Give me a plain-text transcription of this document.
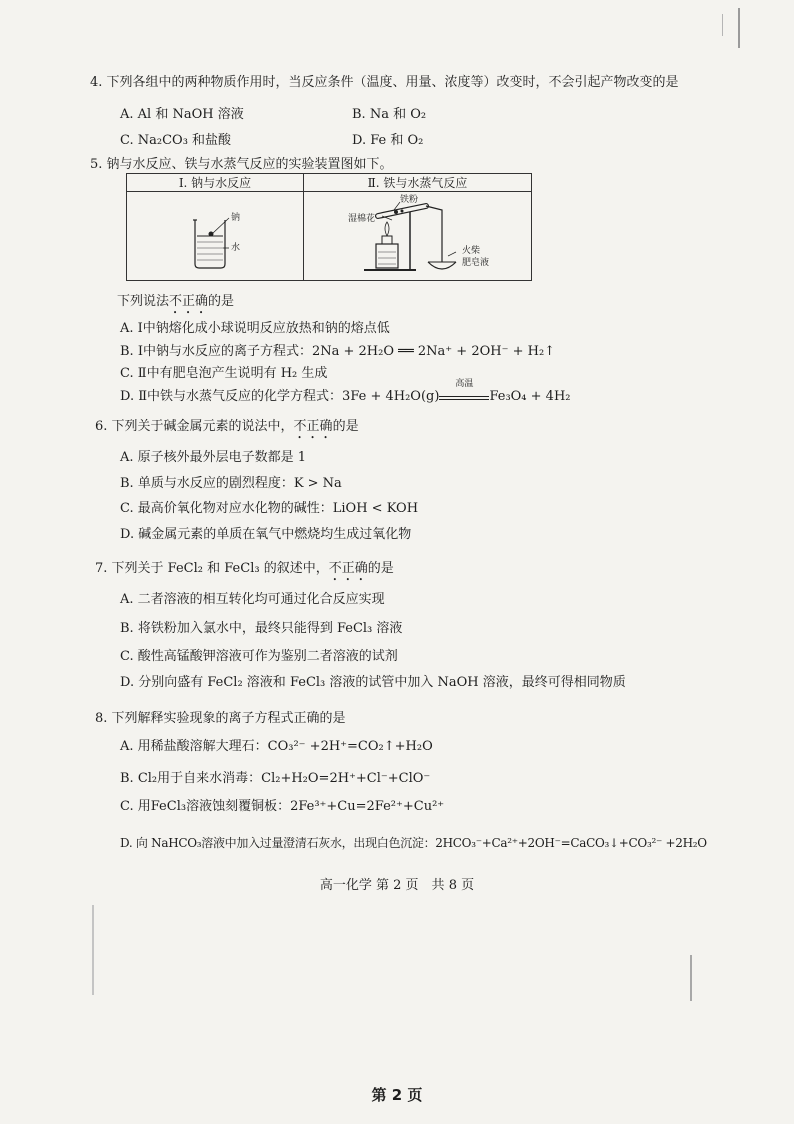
4. 下列各组中的两种物质作用时，当反应条件（温度、用量、浓度等）改变时，不会引起产物改变的是
A. Al 和 NaOH 溶液	B. Na 和 O₂
C. Na₂CO₃ 和盐酸	D. Fe 和 O₂
5. 钠与水反应、铁与水蒸气反应的实验装置图如下。
Ⅰ. 钠与水反应	Ⅱ. 铁与水蒸气反应

钠
水	铁粉
湿棉花
火柴
肥皂液
下列说法不正确的是
A. Ⅰ中钠熔化成小球说明反应放热和钠的熔点低
B. Ⅰ中钠与水反应的离子方程式：2Na + 2H₂O ══ 2Na⁺ + 2OH⁻ + H₂↑
C. Ⅱ中有肥皂泡产生说明有 H₂ 生成
D. Ⅱ中铁与水蒸气反应的化学方程式：3Fe + 4H₂O(g)
高温
Fe₃O₄ + 4H₂
6. 下列关于碱金属元素的说法中，不正确的是
A. 原子核外最外层电子数都是 1
B. 单质与水反应的剧烈程度：K > Na
C. 最高价氧化物对应水化物的碱性：LiOH < KOH
D. 碱金属元素的单质在氧气中燃烧均生成过氧化物
7. 下列关于 FeCl₂ 和 FeCl₃ 的叙述中，不正确的是
A. 二者溶液的相互转化均可通过化合反应实现
B. 将铁粉加入氯水中，最终只能得到 FeCl₃ 溶液
C. 酸性高锰酸钾溶液可作为鉴别二者溶液的试剂
D. 分别向盛有 FeCl₂ 溶液和 FeCl₃ 溶液的试管中加入 NaOH 溶液，最终可得相同物质
8. 下列解释实验现象的离子方程式正确的是
A. 用稀盐酸溶解大理石：CO₃²⁻ +2H⁺=CO₂↑+H₂O
B. Cl₂用于自来水消毒：Cl₂+H₂O=2H⁺+Cl⁻+ClO⁻
C. 用FeCl₃溶液蚀刻覆铜板：2Fe³⁺+Cu=2Fe²⁺+Cu²⁺
D. 向 NaHCO₃溶液中加入过量澄清石灰水，出现白色沉淀：2HCO₃⁻+Ca²⁺+2OH⁻=CaCO₃↓+CO₃²⁻ +2H₂O
高一化学 第 2 页　共 8 页
第 2 页
